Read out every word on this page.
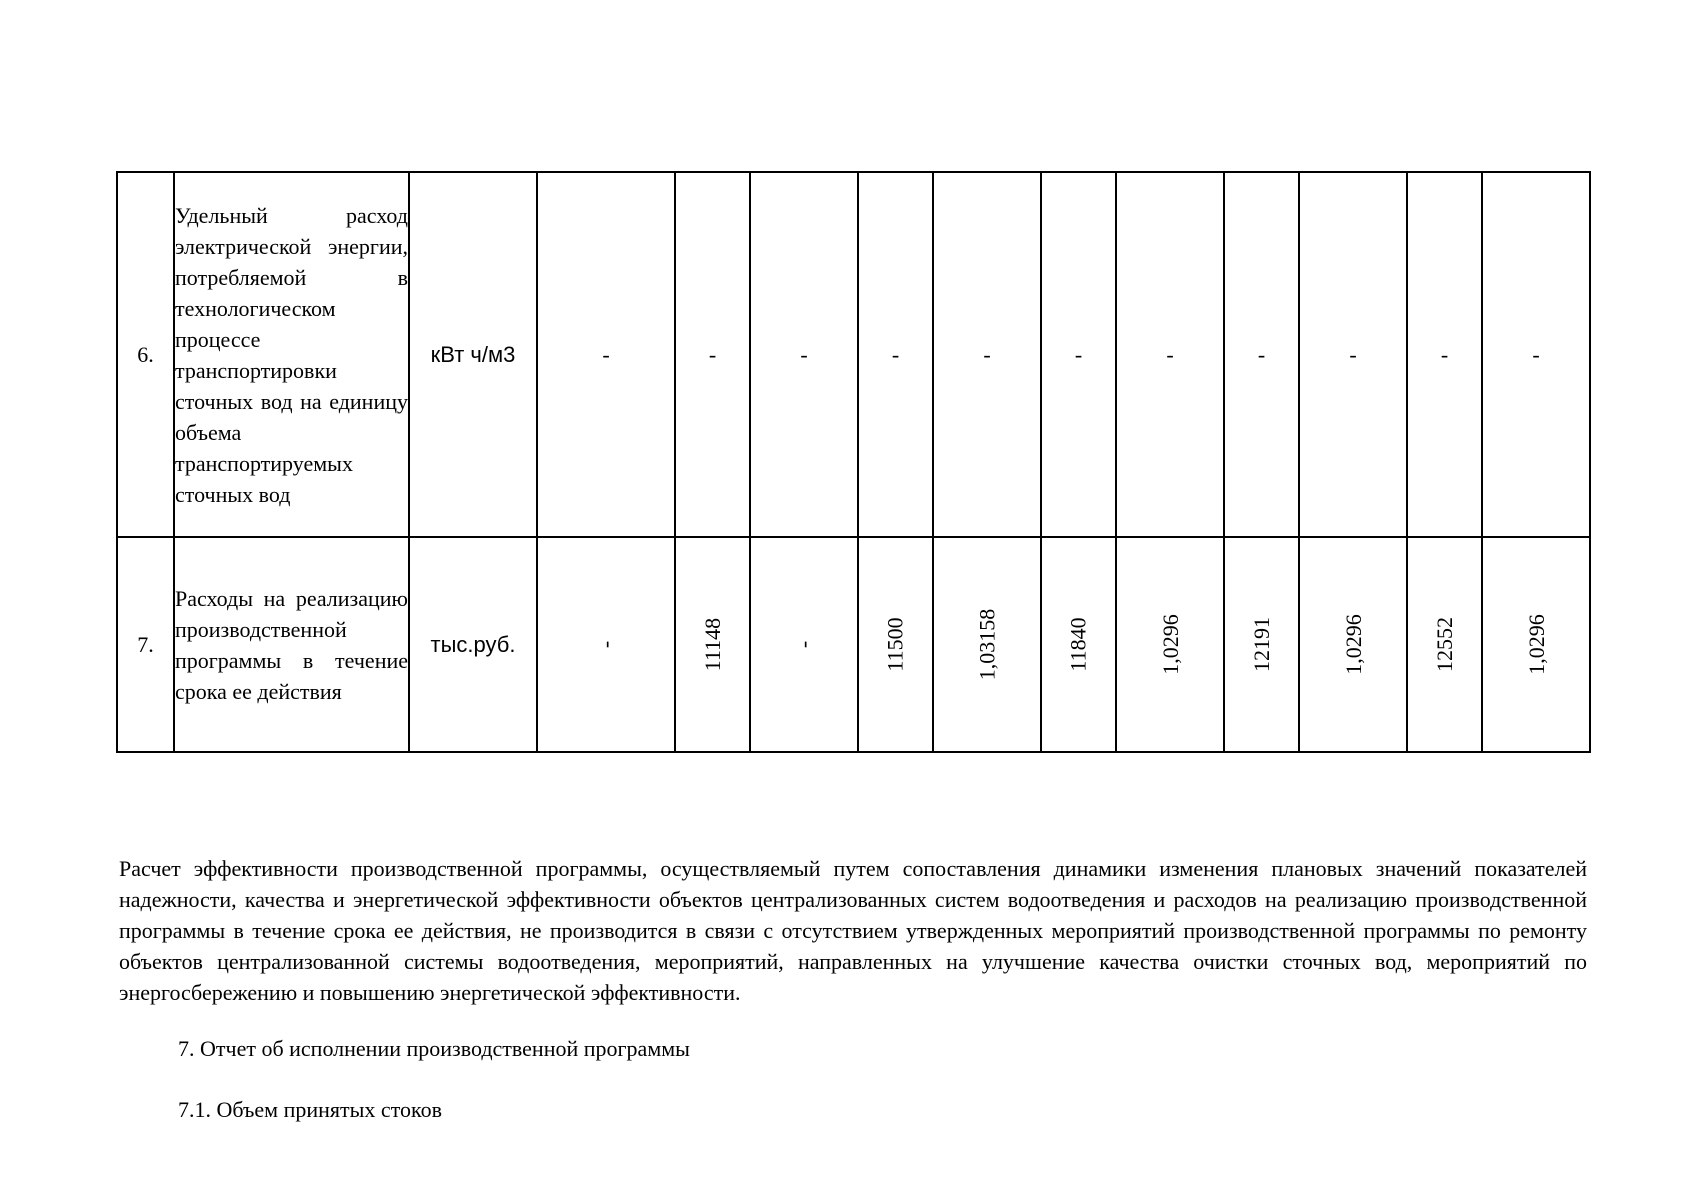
6.	Удельный расход электрической энергии, потребляемой в технологическом процессе транспортировки сточных вод на единицу объема транспортируемых сточных вод	кВт ч/м3	-	-	-	-	-	-	-	-	-	-	-
7.	Расходы на реализацию производственной программы в течение срока ее действия	тыс.руб.	-	11148	-	11500	1,03158	11840	1,0296	12191	1,0296	12552	1,0296

Расчет эффективности производственной программы, осуществляемый путем сопоставления динамики изменения плановых значений показателей надежности, качества и энергетической эффективности объектов централизованных систем водоотведения и расходов на реализацию производственной программы в течение срока ее действия, не производится в связи с отсутствием утвержденных мероприятий производственной программы по ремонту объектов централизованной системы водоотведения, мероприятий, направленных на улучшение качества очистки сточных вод, мероприятий по энергосбережению и повышению энергетической эффективности.

7. Отчет об исполнении производственной программы
7.1. Объем принятых стоков
